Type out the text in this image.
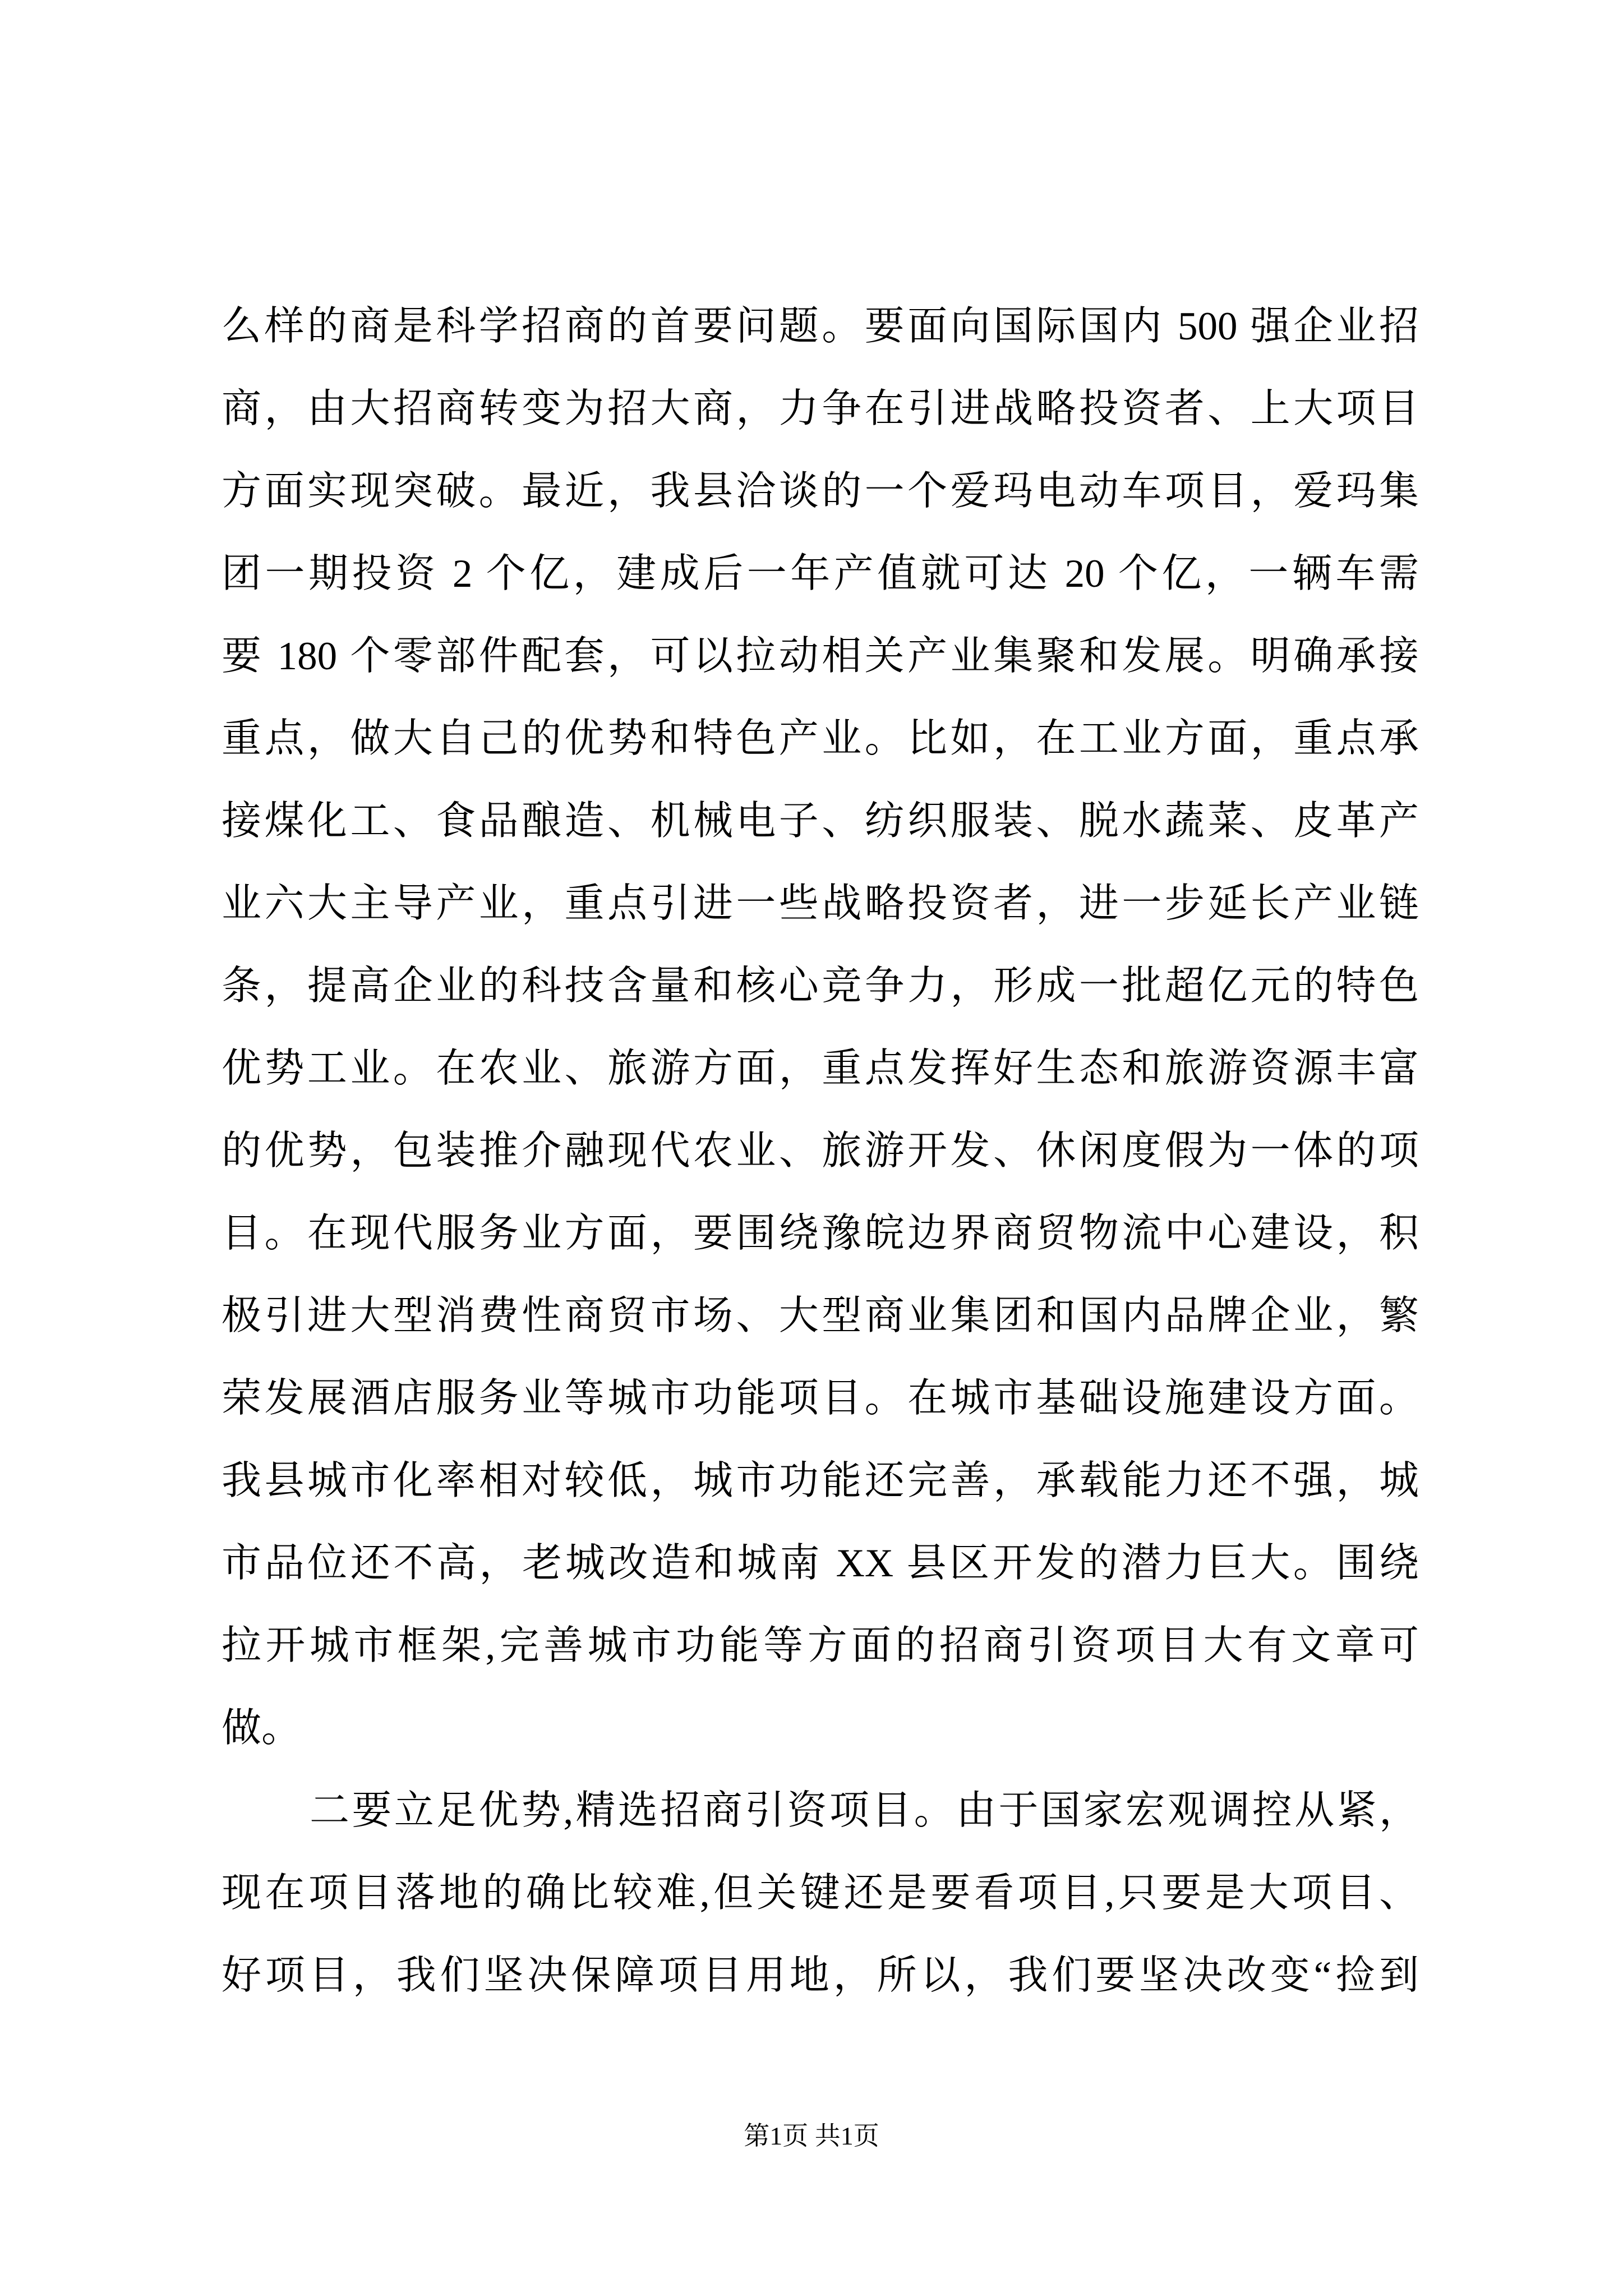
么样的商是科学招商的首要问题。要面向国际国内 500 强企业招
商，由大招商转变为招大商，力争在引进战略投资者、上大项目
方面实现突破。最近，我县洽谈的一个爱玛电动车项目，爱玛集
团一期投资 2 个亿，建成后一年产值就可达 20 个亿，一辆车需
要 180 个零部件配套，可以拉动相关产业集聚和发展。明确承接
重点，做大自己的优势和特色产业。比如，在工业方面，重点承
接煤化工、食品酿造、机械电子、纺织服装、脱水蔬菜、皮革产
业六大主导产业，重点引进一些战略投资者，进一步延长产业链
条，提高企业的科技含量和核心竞争力，形成一批超亿元的特色
优势工业。在农业、旅游方面，重点发挥好生态和旅游资源丰富
的优势，包装推介融现代农业、旅游开发、休闲度假为一体的项
目。在现代服务业方面，要围绕豫皖边界商贸物流中心建设，积
极引进大型消费性商贸市场、大型商业集团和国内品牌企业，繁
荣发展酒店服务业等城市功能项目。在城市基础设施建设方面。
我县城市化率相对较低，城市功能还完善，承载能力还不强，城
市品位还不高，老城改造和城南 XX 县区开发的潜力巨大。围绕
拉开城市框架,完善城市功能等方面的招商引资项目大有文章可
做。
二要立足优势,精选招商引资项目。由于国家宏观调控从紧，
现在项目落地的确比较难,但关键还是要看项目,只要是大项目、
好项目，我们坚决保障项目用地，所以，我们要坚决改变“捡到
第1页 共1页
